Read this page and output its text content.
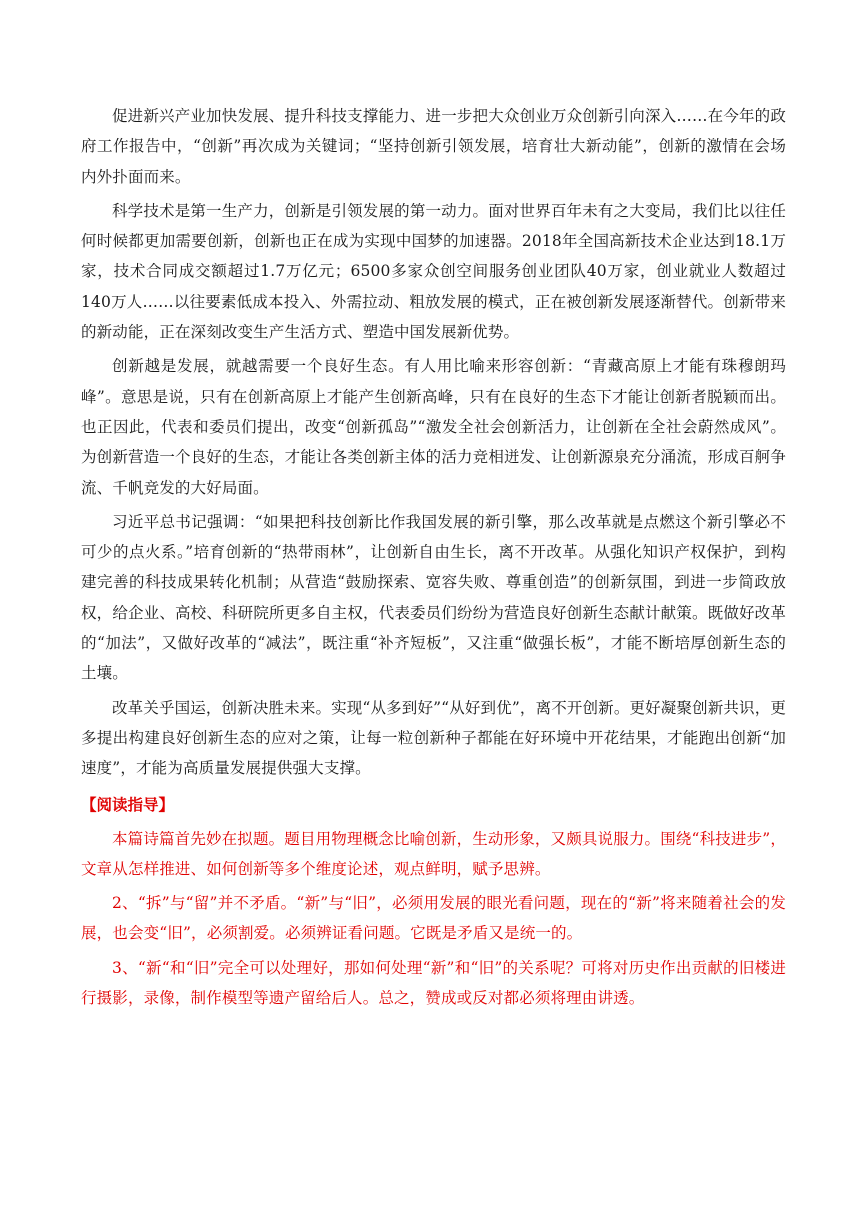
促进新兴产业加快发展、提升科技支撑能力、进一步把大众创业万众创新引向深入……在今年的政府工作报告中，“创新”再次成为关键词；“坚持创新引领发展，培育壮大新动能”，创新的激情在会场内外扑面而来。

科学技术是第一生产力，创新是引领发展的第一动力。面对世界百年未有之大变局，我们比以往任何时候都更加需要创新，创新也正在成为实现中国梦的加速器。2018年全国高新技术企业达到18.1万家，技术合同成交额超过1.7万亿元；6500多家众创空间服务创业团队40万家，创业就业人数超过140万人……以往要素低成本投入、外需拉动、粗放发展的模式，正在被创新发展逐渐替代。创新带来的新动能，正在深刻改变生产生活方式、塑造中国发展新优势。

创新越是发展，就越需要一个良好生态。有人用比喻来形容创新：“青藏高原上才能有珠穆朗玛峰”。意思是说，只有在创新高原上才能产生创新高峰，只有在良好的生态下才能让创新者脱颖而出。也正因此，代表和委员们提出，改变“创新孤岛”“激发全社会创新活力，让创新在全社会蔚然成风”。为创新营造一个良好的生态，才能让各类创新主体的活力竞相迸发、让创新源泉充分涌流，形成百舸争流、千帆竞发的大好局面。

习近平总书记强调：“如果把科技创新比作我国发展的新引擎，那么改革就是点燃这个新引擎必不可少的点火系。”培育创新的“热带雨林”，让创新自由生长，离不开改革。从强化知识产权保护，到构建完善的科技成果转化机制；从营造“鼓励探索、宽容失败、尊重创造”的创新氛围，到进一步简政放权，给企业、高校、科研院所更多自主权，代表委员们纷纷为营造良好创新生态献计献策。既做好改革的“加法”，又做好改革的“减法”，既注重“补齐短板”，又注重“做强长板”，才能不断培厚创新生态的土壤。

改革关乎国运，创新决胜未来。实现“从多到好”“从好到优”，离不开创新。更好凝聚创新共识，更多提出构建良好创新生态的应对之策，让每一粒创新种子都能在好环境中开花结果，才能跑出创新“加速度”，才能为高质量发展提供强大支撑。

【阅读指导】

本篇诗篇首先妙在拟题。题目用物理概念比喻创新，生动形象，又颇具说服力。围绕“科技进步”，文章从怎样推进、如何创新等多个维度论述，观点鲜明，赋予思辨。

2、“拆”与“留”并不矛盾。“新”与“旧”，必须用发展的眼光看问题，现在的“新”将来随着社会的发展，也会变“旧”，必须割爱。必须辨证看问题。它既是矛盾又是统一的。

3、“新“和“旧”完全可以处理好，那如何处理“新”和“旧”的关系呢？可将对历史作出贡献的旧楼进行摄影，录像，制作模型等遗产留给后人。总之，赞成或反对都必须将理由讲透。
